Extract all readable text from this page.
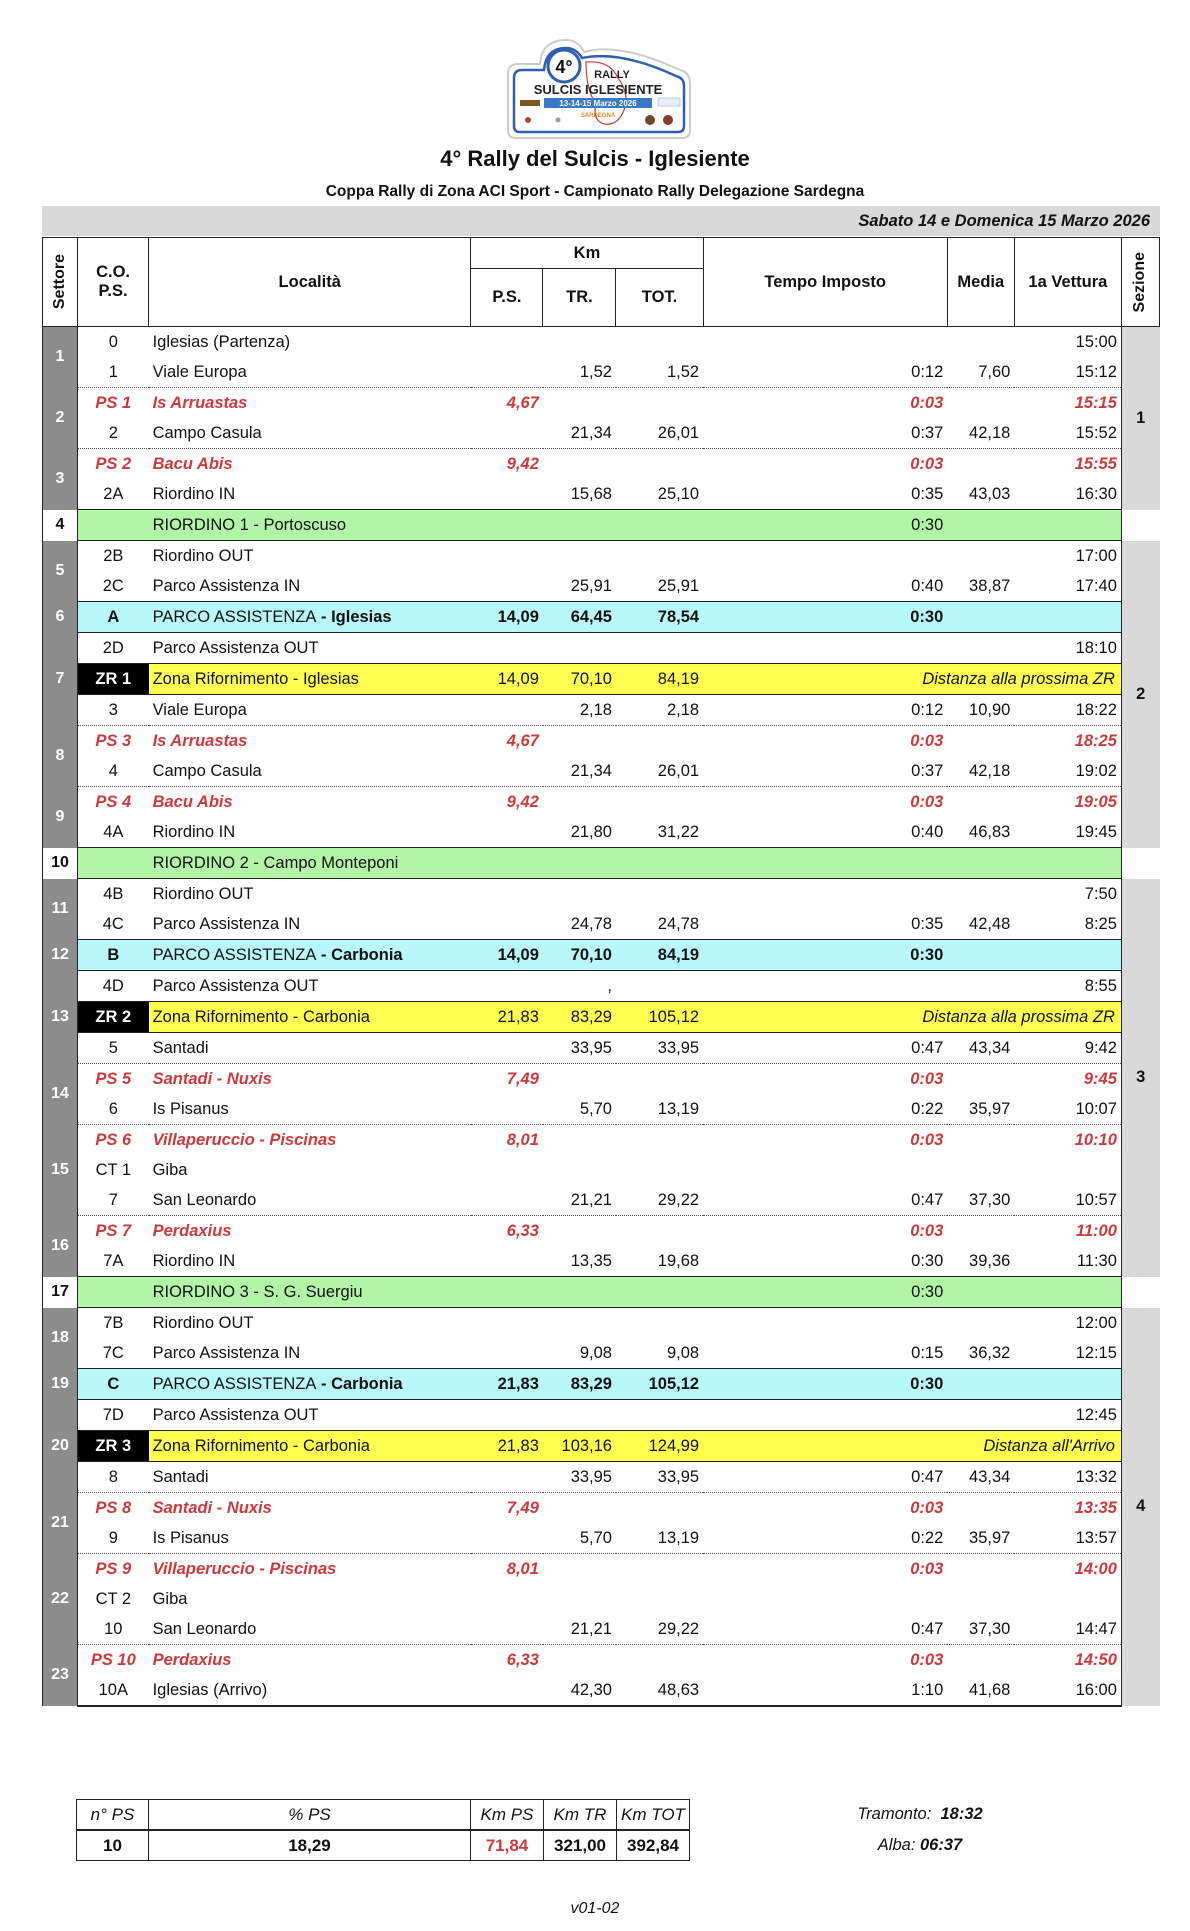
4° RALLY
SULCIS IGLESIENTE
13-14-15 Marzo 2026
SARDEGNA
4° Rally del Sulcis - Iglesiente
Coppa Rally di Zona ACI Sport - Campionato Rally Delegazione Sardegna
Sabato 14 e Domenica 15 Marzo 2026
Settore	C.O.
P.S.	Località	Km			Tempo Imposto	Media	1a Vettura	Sezione

			P.S.	TR.	TOT.				
1	0	Iglesias (Partenza)						15:00	1
	1	Viale Europa		1,52	1,52	0:12	7,60	15:12	
2	PS 1	Is Arruastas	4,67			0:03		15:15	
	2	Campo Casula		21,34	26,01	0:37	42,18	15:52	
3	PS 2	Bacu Abis	9,42			0:03		15:55	
	2A	Riordino IN		15,68	25,10	0:35	43,03	16:30	
4		RIORDINO 1 - Portoscuso				0:30			
5	2B	Riordino OUT						17:00	2
	2C	Parco Assistenza IN		25,91	25,91	0:40	38,87	17:40	
6	A	PARCO ASSISTENZA - Iglesias	14,09	64,45	78,54	0:30			
7	2D	Parco Assistenza OUT						18:10	
	ZR 1	Zona Rifornimento - Iglesias	14,09	70,10	84,19	Distanza alla prossima ZR			
	3	Viale Europa		2,18	2,18	0:12	10,90	18:22	
8	PS 3	Is Arruastas	4,67			0:03		18:25	
	4	Campo Casula		21,34	26,01	0:37	42,18	19:02	
9	PS 4	Bacu Abis	9,42			0:03		19:05	
	4A	Riordino IN		21,80	31,22	0:40	46,83	19:45	
10		RIORDINO 2 - Campo Monteponi							
11	4B	Riordino OUT						7:50	3
	4C	Parco Assistenza IN		24,78	24,78	0:35	42,48	8:25	
12	B	PARCO ASSISTENZA - Carbonia	14,09	70,10	84,19	0:30			
13	4D	Parco Assistenza OUT		,				8:55	
	ZR 2	Zona Rifornimento - Carbonia	21,83	83,29	105,12	Distanza alla prossima ZR			
	5	Santadi		33,95	33,95	0:47	43,34	9:42	
14	PS 5	Santadi - Nuxis	7,49			0:03		9:45	
	6	Is Pisanus		5,70	13,19	0:22	35,97	10:07	
15	PS 6	Villaperuccio - Piscinas	8,01			0:03		10:10	
	CT 1	Giba							
	7	San Leonardo		21,21	29,22	0:47	37,30	10:57	
16	PS 7	Perdaxius	6,33			0:03		11:00	
	7A	Riordino IN		13,35	19,68	0:30	39,36	11:30	
17		RIORDINO 3 - S. G. Suergiu				0:30			
18	7B	Riordino OUT						12:00	4
	7C	Parco Assistenza IN		9,08	9,08	0:15	36,32	12:15	
19	C	PARCO ASSISTENZA - Carbonia	21,83	83,29	105,12	0:30			
20	7D	Parco Assistenza OUT						12:45	
	ZR 3	Zona Rifornimento - Carbonia	21,83	103,16	124,99	Distanza all'Arrivo			
	8	Santadi		33,95	33,95	0:47	43,34	13:32	
21	PS 8	Santadi - Nuxis	7,49			0:03		13:35	
	9	Is Pisanus		5,70	13,19	0:22	35,97	13:57	
22	PS 9	Villaperuccio - Piscinas	8,01			0:03		14:00	
	CT 2	Giba							
	10	San Leonardo		21,21	29,22	0:47	37,30	14:47	
23	PS 10	Perdaxius	6,33			0:03		14:50	
	10A	Iglesias (Arrivo)		42,30	48,63	1:10	41,68	16:00	
n° PS	% PS	Km PS	Km TR	Km TOT
10	18,29	71,84	321,00	392,84
Tramonto: 18:32
Alba: 06:37
v01-02
